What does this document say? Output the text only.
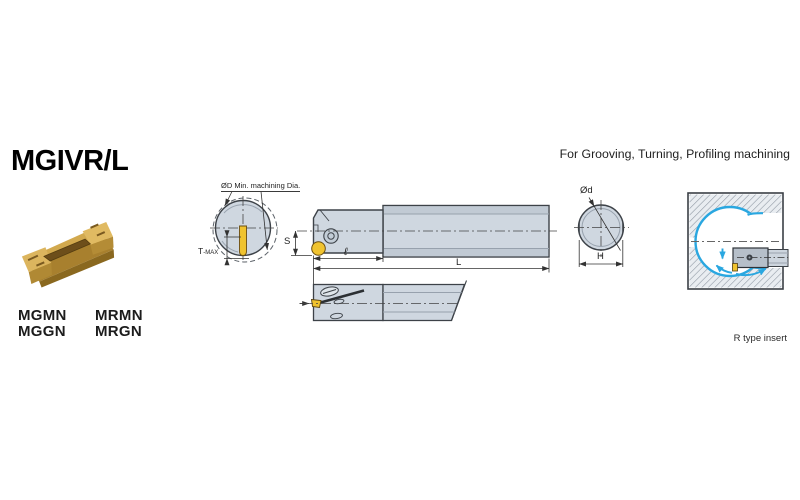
MGIVR/L	For Grooving, Turning, Profiling machining
MGMN
MGGN
MRMN
MRGN
ØD Min. machining Dia.
T-MAX
S
ℓ
L
Ød
H
R type insert
